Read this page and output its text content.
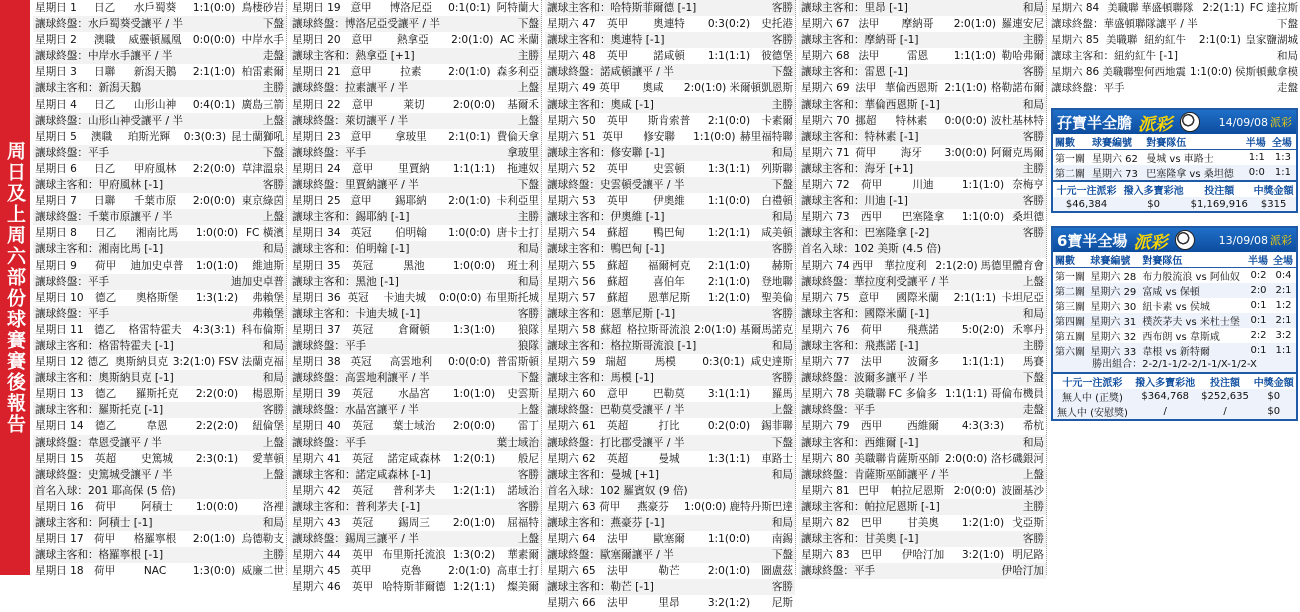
周日及上周六部份球賽賽後報告
星期日 1	日乙	水戶蜀葵	1:1(0:0) 鳥棲砂岩
讓球終盤：水戶蜀葵受讓平 / 半	下盤
星期日 2	澳職	威靈頓鳳凰	0:0(0:0) 中岸水手
讓球終盤：中岸水手讓平 / 半	走盤
星期日 3	日聯	新潟天鵝	2:1(1:0) 柏雷素爾
讓球主客和：新潟天鵝	主勝
星期日 4	日乙	山形山神	0:4(0:1) 廣島三箭
讓球終盤：山形山神受讓平 / 半	上盤
星期日 5	澳職	珀斯光輝	0:3(0:3) 昆士蘭獅吼
讓球終盤：平手	下盤
星期日 6	日乙	甲府風林	2:2(0:0) 草津溫泉
讓球主客和：甲府風林 [-1]	客勝
星期日 7	日聯	千葉市原	2:0(0:0) 東京綠茵
讓球終盤：千葉市原讓平 / 半	上盤
星期日 8	日乙	湘南比馬	1:0(0:0) FC 橫濱
讓球主客和：湘南比馬 [-1]	和局
星期日 9	荷甲	迪加史卓普	1:0(1:0)	維迪斯
讓球終盤：平手	迪加史卓普
星期日 10	德乙	奧格斯堡	1:3(1:2)	弗賴堡
讓球終盤：平手	弗賴堡
星期日 11 德乙	格雷特霍夫	4:3(3:1) 科布倫斯
讓球主客和：格雷特霍夫 [-1]	和局
星期日 12 德乙 奧斯納貝克 3:2(1:0) FSV 法蘭克福
讓球主客和：奧斯納貝克 [-1]	和局
星期日 13	德乙	羅斯托克	2:2(0:0)	楊恩斯
讓球主客和：羅斯托克 [-1]	客勝
星期日 14	德乙	韋恩	2:2(2:0)	紐倫堡
讓球終盤：韋恩受讓平 / 半	上盤
星期日 15	英超	史篤城	2:3(0:1)	愛華頓
讓球終盤：史篤城受讓平 / 半	上盤
首名入球：201 耶高保 (5 倍)
星期日 16	荷甲	阿積士	1:0(0:0)	洛裡
讓球主客和：阿積士 [-1]	和局
星期日 17 荷甲	格羅寧根	2:0(1:0) 烏德勒支
讓球主客和：格羅寧根 [-1]	主勝
星期日 18 荷甲	NAC	1:3(0:0) 威廉二世
星期日 19 意甲	博洛尼亞	0:1(0:1) 阿特蘭大
讓球終盤：博洛尼亞受讓平 / 半	下盤
星期日 20	意甲	熱拿亞	2:0(1:0) AC 米蘭
讓球主客和：熱拿亞 [+1]	主勝
星期日 21 意甲	拉素	2:0(1:0) 森多利亞
讓球終盤：拉素讓平 / 半	上盤
星期日 22	意甲	莱切	2:0(0:0)	基爾禾
讓球終盤：萊切讓平 / 半	上盤
星期日 23 意甲	拿玻里	2:1(0:1) 費倫天拿
讓球終盤：平手	拿玻里
星期日 24	意甲	里賈納	1:1(1:1)	拖連奴
讓球終盤：里賈納讓平 / 半	下盤
星期日 25 意甲	錫耶納	2:0(1:0) 卡利亞里
讓球主客和：錫耶納 [-1]	主勝
星期日 34 英冠	伯明翰	1:0(0:0) 唐卡士打
讓球主客和：伯明翰 [-1]	和局
星期日 35	英冠	黑池	1:0(0:0)	班士利
讓球主客和：黑池 [-1]	和局
星期日 36 英冠	卡迪夫城	0:0(0:0) 布里斯托城
讓球主客和：卡迪夫城 [-1]	客勝
星期日 37	英冠	倉爾頓	1:3(1:0)	狼隊
讓球終盤：平手	狼隊
星期日 38 英冠	高雲地利	0:0(0:0) 普雷斯頓
讓球終盤：高雲地利讓平 / 半	下盤
星期日 39	英冠	水晶宮	1:0(1:0)	史雲斯
讓球終盤：水晶宮讓平 / 半	上盤
星期日 40	英冠	葉士域治	2:0(0:0)	雷丁
讓球終盤：平手	葉士域治
星期六 41	英冠	諾定咸森林	1:2(0:1)	般尼
讓球主客和：諾定咸森林 [-1]	客勝
星期六 42	英冠	普利茅夫	1:2(1:1)	諾域治
讓球主客和：普利茅夫 [-1]	客勝
星期六 43	英冠	錫周三	2:0(1:0)	屈福特
讓球終盤：錫周三讓平 / 半	上盤
星期六 44	英甲 布里斯托流浪 1:3(0:2)	華素爾
星期六 45 英甲	克魯	2:0(1:0) 高車士打
星期六 46	英甲 哈特斯菲爾德 1:2(1:1)	燦美爾
讓球主客和：哈特斯菲爾德 [-1]	客勝
星期六 47	英甲	奧連特	0:3(0:2)	史托港
讓球主客和：奧連特 [-1]	客勝
星期六 48	英甲	諾咸頓	1:1(1:1)	彼德堡
讓球終盤：諾咸頓讓平 / 半	下盤
星期六 49 英甲	奧咸	2:0(1:0) 米爾頓凱恩斯
讓球主客和：奧咸 [-1]	主勝
星期六 50	英甲	斯肯索普	2:1(0:0)	卡素爾
星期六 51 英甲	修安聯	1:1(0:0) 赫里福特聯
讓球主客和：修安聯 [-1]	和局
星期六 52	英甲	史雲頓	1:3(1:1)	列斯聯
讓球終盤：史雲頓受讓平 / 半	下盤
星期六 53	英甲	伊奧維	1:1(0:0)	白禮頓
讓球主客和：伊奧維 [-1]	和局
星期六 54	蘇超	鴨巴甸	1:2(1:1)	咸美頓
讓球主客和：鴨巴甸 [-1]	客勝
星期六 55	蘇超	福爾柯克	2:1(1:0)	赫斯
星期六 56	蘇超	喜伯年	2:1(1:0)	登地聯
星期六 57	蘇超	恩華尼斯	1:2(1:0)	聖美倫
讓球主客和：恩華尼斯 [-1]	客勝
星期六 58 蘇超 格拉斯哥流浪 2:0(1:0) 基爾馬諾克
讓球主客和：格拉斯哥流浪 [-1]	和局
星期六 59 瑞超	馬模	0:3(0:1) 咸史達斯
讓球主客和：馬模 [-1]	客勝
星期六 60	意甲	巴勒莫	3:1(1:1)	羅馬
讓球終盤：巴勒莫受讓平 / 半	上盤
星期六 61	英超	打比	0:2(0:0)	錫菲聯
讓球終盤：打比郡受讓平 / 半	下盤
星期六 62	英超	曼城	1:3(1:1)	車路士
讓球主客和：曼城 [+1]	和局
首名入球：102 羅賓奴 (9 倍)
星期六 63 荷甲	燕豪芬	1:0(0:0) 鹿特丹斯巴達
讓球主客和：燕豪芬 [-1]	和局
星期六 64	法甲	歐塞爾	1:1(0:0)	南錫
讓球終盤：歐塞爾讓平 / 半	下盤
星期六 65	法甲	勒芒	2:0(1:0)	圖盧茲
讓球主客和：勒芒 [-1]	客勝
星期六 66	法甲	里昂	3:2(1:2)	尼斯
讓球主客和：里昂 [-1]	和局
星期六 67 法甲	摩納哥	2:0(1:0) 羅連安尼
讓球主客和：摩納哥 [-1]	主勝
星期六 68 法甲	雷恩	1:1(1:0) 勒哈弗爾
讓球主客和：雷恩 [-1]	客勝
星期六 69 法甲 華倫西恩斯 2:1(1:0) 格勒諾布爾
讓球主客和：華倫西恩斯 [-1]	和局
星期六 70 挪超	特林素	0:0(0:0) 波杜基林特
讓球主客和：特林素 [-1]	客勝
星期六 71 荷甲	海牙	3:0(0:0) 阿爾克馬爾
讓球主客和：海牙 [+1]	主勝
星期六 72	荷甲	川迪	1:1(1:0) 奈梅亨
讓球主客和：川迪 [-1]	客勝
星期六 73	西甲	巴塞隆拿	1:1(0:0) 桑坦德
讓球主客和：巴塞隆拿 [-2]	客勝
首名入球：102 美斯 (4.5 倍)
星期六 74 西甲	華拉度利 2:1(2:0) 馬德里體育會
讓球終盤：華拉度利受讓平 / 半	上盤
星期六 75 意甲	國際米蘭	2:1(1:1) 卡坦尼亞
讓球主客和：國際米蘭 [-1]	和局
星期六 76	荷甲	飛燕諾	5:0(2:0) 禾寧丹
讓球主客和：飛燕諾 [-1]	主勝
星期六 77	法甲	波爾多	1:1(1:1)	馬賽
讓球終盤：波爾多讓平 / 半	下盤
星期六 78 美職聯 FC 多倫多 1:1(1:1) 哥倫布機員
讓球終盤：平手	走盤
星期六 79	西甲	西維爾	4:3(3:3)	希杭
讓球主客和：西維爾 [-1]	和局
星期六 80 美職聯 肯薩斯巫師 2:0(0:0) 洛杉磯銀河
讓球終盤：肯薩斯巫師讓平 / 半	上盤
星期六 81 巴甲	帕拉尼恩斯 2:0(0:0) 波圖基沙
讓球主客和：帕拉尼恩斯 [-1]	主勝
星期六 82	巴甲	甘美奧	1:2(1:0) 戈亞斯
讓球主客和：甘美奧 [-1]	客勝
星期六 83	巴甲	伊哈汀加	3:2(1:0) 明尼路
讓球終盤：平手	伊哈汀加
星期六 84 美職聯 華盛頓聯隊 2:2(1:1) FC 達拉斯
讓球終盤：華盛頓聯隊讓平 / 半	下盤
星期六 85 美職聯 紐約紅牛	2:1(0:1) 皇家鹽湖城
讓球主客和：紐約紅牛 [-1]	和局
星期六 86 美職聯 聖何西地震 1:1(0:0) 侯斯頓戴拿模
讓球終盤：平手	走盤
孖寶半全膽 派彩	14/09/08 派彩
關數	球賽編號	對賽隊伍	半場	全場
第一關	星期六 62	曼城 vs 車路士	1:1	1:3
第二關	星期六 73	巴塞隆拿 vs 桑坦德	0:0	1:1
十元一注派彩	撥入多寶彩池	投注額	中獎金額
$46,384	$0	$1,169,916	$315
6寶半全場 派彩	13/09/08 派彩
關數	球賽編號	對賽隊伍	半場	全場
第一關	星期六 28	布力般流浪 vs 阿仙奴	0:2	0:4
第二關	星期六 29	富咸 vs 保頓	2:0	2:1
第三關	星期六 30	紐卡素 vs 侯城	0:1	1:2
第四關	星期六 31	樸茨茅夫 vs 米杜士堡	0:1	2:1
第五關	星期六 32	西布朗 vs 韋斯咸	2:2	3:2
第六關	星期六 33	韋根 vs 新特爾	0:1	1:1
勝出組合：2-2/1-1/2-2/1-1/X-1/2-X
十元一注派彩	撥入多寶彩池	投注額	中獎金額
無人中 (正獎)	$364,768	$252,635	$0
無人中 (安慰獎)	/	/	$0
